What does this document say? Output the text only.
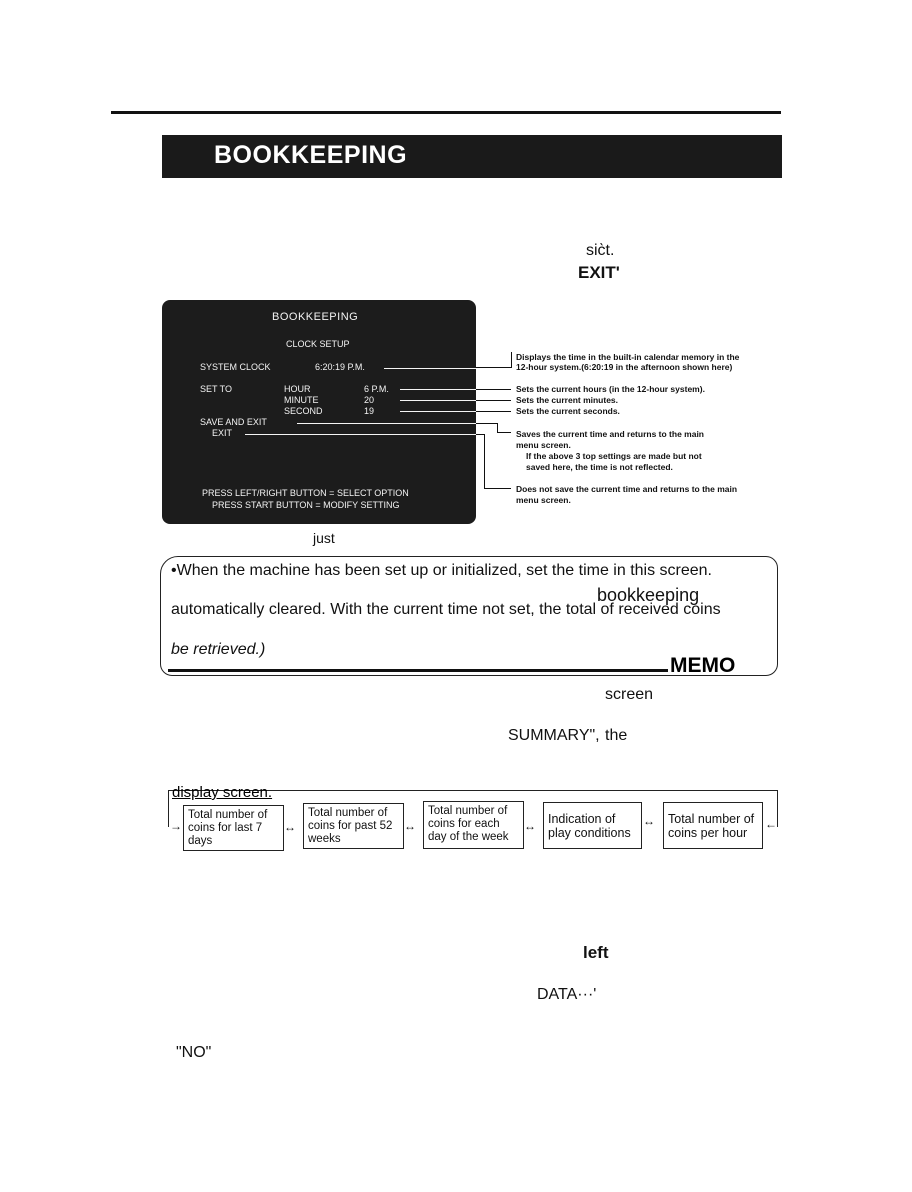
BOOKKEEPING
sic̀t.
EXIT'
BOOKKEEPING
CLOCK SETUP
SYSTEM CLOCK	6:20:19 P.M.
SET TO	HOUR	6 P.M.
MINUTE	20
SECOND	19
SAVE AND EXIT
EXIT
PRESS LEFT/RIGHT BUTTON = SELECT OPTION
PRESS START BUTTON = MODIFY SETTING
Displays the time in the built-in calendar memory in the
12-hour system.(6:20:19 in the afternoon shown here)
Sets the current hours (in the 12-hour system).
Sets the current minutes.
Sets the current seconds.
Saves the current time and returns to the main
menu screen.
If the above 3 top settings are made but not
saved here, the time is not reflected.
Does not save the current time and returns to the main
menu screen.
just
•When the machine has been set up or initialized, set the time in this screen.
bookkeeping
automatically cleared. With the current time not set, the total of received coins
be retrieved.)
MEMO
screen
SUMMARY", the
display screen.
Total number of coins for last 7 days
Total number of coins for past 52 weeks
Total number of coins for each day of the week
Indication of play conditions
Total number of coins per hour
↔	↔	↔	↔
→	←
left
DATA···'
"NO"
